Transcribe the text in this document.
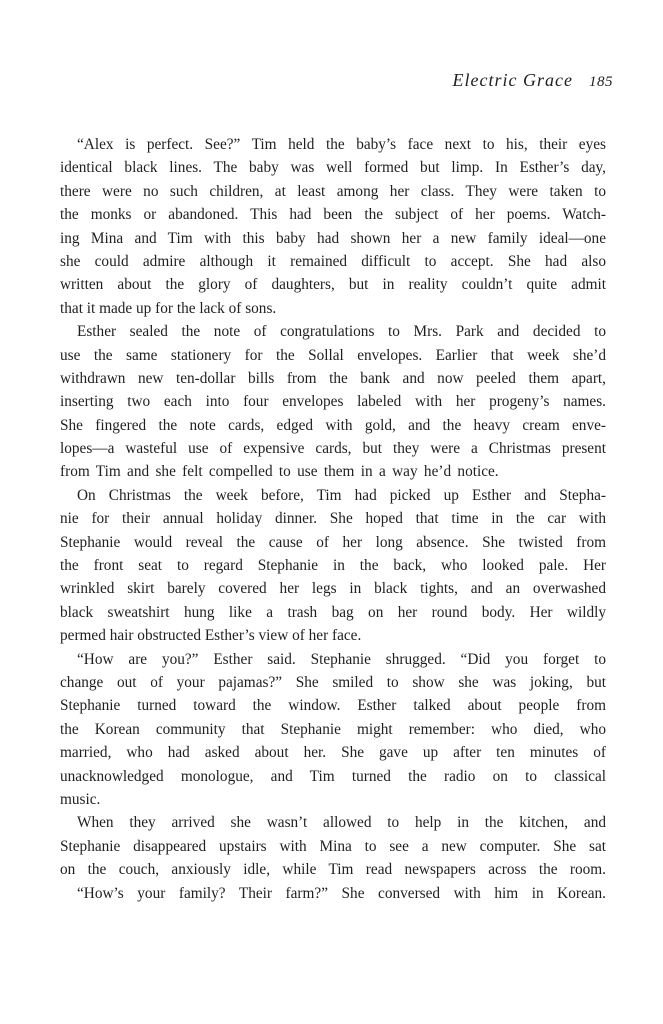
Electric Grace 185
“Alex is perfect. See?” Tim held the baby’s face next to his, their eyes
identical black lines. The baby was well formed but limp. In Esther’s day,
there were no such children, at least among her class. They were taken to
the monks or abandoned. This had been the subject of her poems. Watch-
ing Mina and Tim with this baby had shown her a new family ideal—one
she could admire although it remained difficult to accept. She had also
written about the glory of daughters, but in reality couldn’t quite admit
that it made up for the lack of sons.
Esther sealed the note of congratulations to Mrs. Park and decided to
use the same stationery for the Sollal envelopes. Earlier that week she’d
withdrawn new ten-dollar bills from the bank and now peeled them apart,
inserting two each into four envelopes labeled with her progeny’s names.
She fingered the note cards, edged with gold, and the heavy cream enve-
lopes—a wasteful use of expensive cards, but they were a Christmas present
from Tim and she felt compelled to use them in a way he’d notice.
On Christmas the week before, Tim had picked up Esther and Stepha-
nie for their annual holiday dinner. She hoped that time in the car with
Stephanie would reveal the cause of her long absence. She twisted from
the front seat to regard Stephanie in the back, who looked pale. Her
wrinkled skirt barely covered her legs in black tights, and an overwashed
black sweatshirt hung like a trash bag on her round body. Her wildly
permed hair obstructed Esther’s view of her face.
“How are you?” Esther said. Stephanie shrugged. “Did you forget to
change out of your pajamas?” She smiled to show she was joking, but
Stephanie turned toward the window. Esther talked about people from
the Korean community that Stephanie might remember: who died, who
married, who had asked about her. She gave up after ten minutes of
unacknowledged monologue, and Tim turned the radio on to classical
music.
When they arrived she wasn’t allowed to help in the kitchen, and
Stephanie disappeared upstairs with Mina to see a new computer. She sat
on the couch, anxiously idle, while Tim read newspapers across the room.
“How’s your family? Their farm?” She conversed with him in Korean.
